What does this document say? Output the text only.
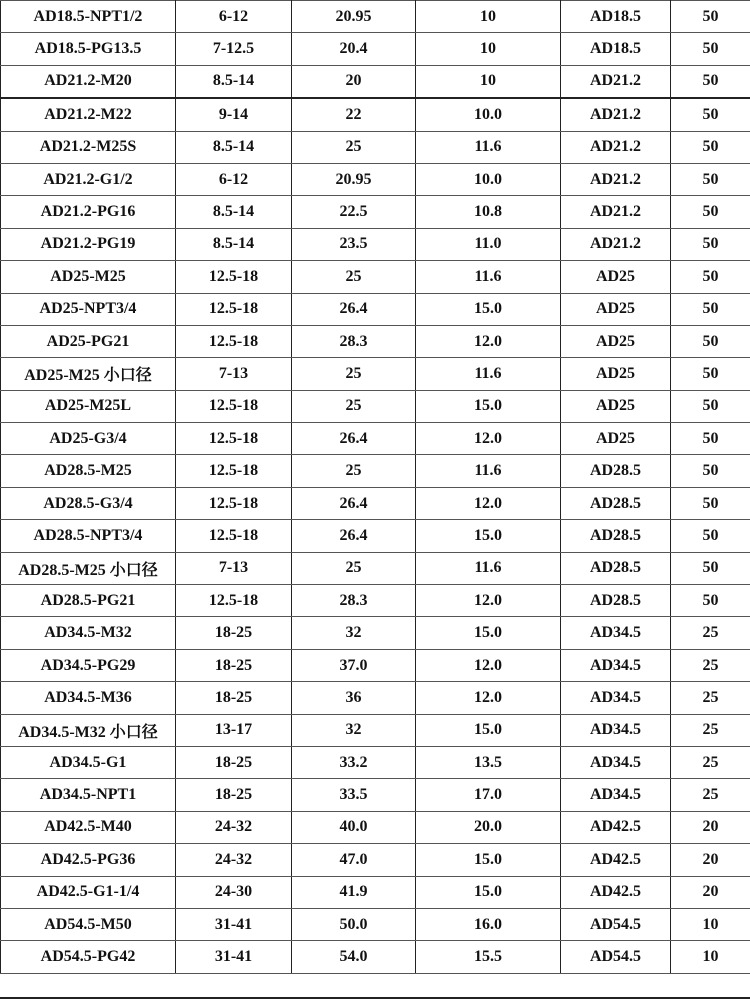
AD18.5-NPT1/2	6-12	20.95	10	AD18.5	50
AD18.5-PG13.5	7-12.5	20.4	10	AD18.5	50
AD21.2-M20	8.5-14	20	10	AD21.2	50
AD21.2-M22	9-14	22	10.0	AD21.2	50
AD21.2-M25S	8.5-14	25	11.6	AD21.2	50
AD21.2-G1/2	6-12	20.95	10.0	AD21.2	50
AD21.2-PG16	8.5-14	22.5	10.8	AD21.2	50
AD21.2-PG19	8.5-14	23.5	11.0	AD21.2	50
AD25-M25	12.5-18	25	11.6	AD25	50
AD25-NPT3/4	12.5-18	26.4	15.0	AD25	50
AD25-PG21	12.5-18	28.3	12.0	AD25	50
AD25-M25 小口径	7-13	25	11.6	AD25	50
AD25-M25L	12.5-18	25	15.0	AD25	50
AD25-G3/4	12.5-18	26.4	12.0	AD25	50
AD28.5-M25	12.5-18	25	11.6	AD28.5	50
AD28.5-G3/4	12.5-18	26.4	12.0	AD28.5	50
AD28.5-NPT3/4	12.5-18	26.4	15.0	AD28.5	50
AD28.5-M25 小口径	7-13	25	11.6	AD28.5	50
AD28.5-PG21	12.5-18	28.3	12.0	AD28.5	50
AD34.5-M32	18-25	32	15.0	AD34.5	25
AD34.5-PG29	18-25	37.0	12.0	AD34.5	25
AD34.5-M36	18-25	36	12.0	AD34.5	25
AD34.5-M32 小口径	13-17	32	15.0	AD34.5	25
AD34.5-G1	18-25	33.2	13.5	AD34.5	25
AD34.5-NPT1	18-25	33.5	17.0	AD34.5	25
AD42.5-M40	24-32	40.0	20.0	AD42.5	20
AD42.5-PG36	24-32	47.0	15.0	AD42.5	20
AD42.5-G1-1/4	24-30	41.9	15.0	AD42.5	20
AD54.5-M50	31-41	50.0	16.0	AD54.5	10
AD54.5-PG42	31-41	54.0	15.5	AD54.5	10
